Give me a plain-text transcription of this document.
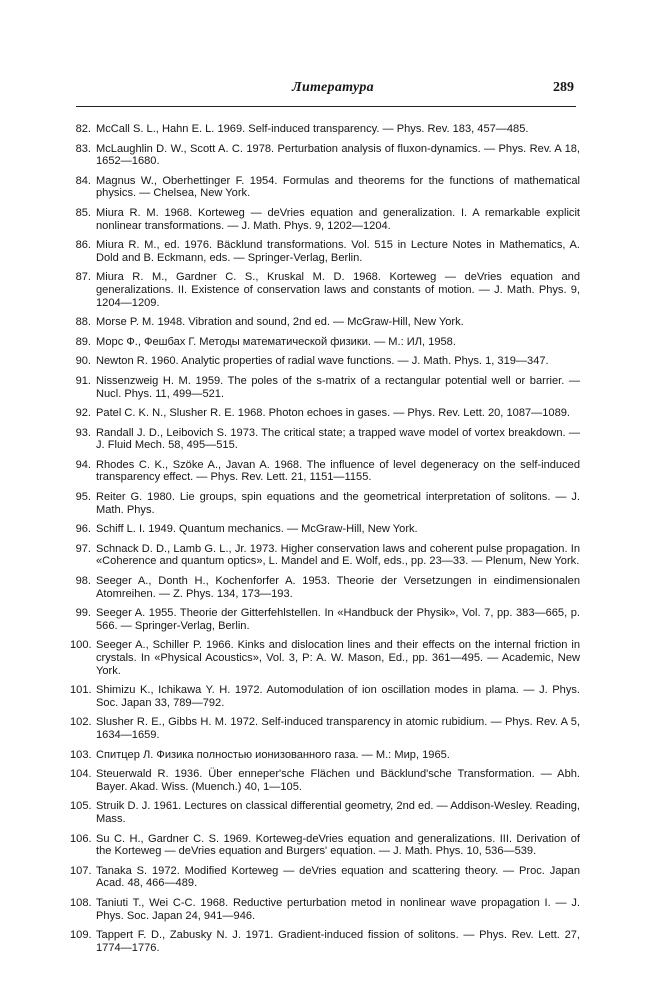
Литература	289
82. McCall S. L., Hahn E. L. 1969. Self-induced transparency. — Phys. Rev. 183, 457—485.
83. McLaughlin D. W., Scott A. C. 1978. Perturbation analysis of fluxon-dynamics. — Phys. Rev. A 18, 1652—1680.
84. Magnus W., Oberhettinger F. 1954. Formulas and theorems for the functions of mathematical physics. — Chelsea, New York.
85. Miura R. M. 1968. Korteweg — deVries equation and generalization. I. A remarkable explicit nonlinear transformations. — J. Math. Phys. 9, 1202—1204.
86. Miura R. M., ed. 1976. Bäcklund transformations. Vol. 515 in Lecture Notes in Mathematics, A. Dold and B. Eckmann, eds. — Springer-Verlag, Berlin.
87. Miura R. M., Gardner C. S., Kruskal M. D. 1968. Korteweg — deVries equation and generalizations. II. Existence of conservation laws and constants of motion. — J. Math. Phys. 9, 1204—1209.
88. Morse P. M. 1948. Vibration and sound, 2nd ed. — McGraw-Hill, New York.
89. Морс Ф., Фешбах Г. Методы математической физики. — М.: ИЛ, 1958.
90. Newton R. 1960. Analytic properties of radial wave functions. — J. Math. Phys. 1, 319—347.
91. Nissenzweig H. M. 1959. The poles of the s-matrix of a rectangular potential well or barrier. — Nucl. Phys. 11, 499—521.
92. Patel C. K. N., Slusher R. E. 1968. Photon echoes in gases. — Phys. Rev. Lett. 20, 1087—1089.
93. Randall J. D., Leibovich S. 1973. The critical state; a trapped wave model of vortex breakdown. — J. Fluid Mech. 58, 495—515.
94. Rhodes C. K., Szöke A., Javan A. 1968. The influence of level degeneracy on the self-induced transparency effect. — Phys. Rev. Lett. 21, 1151—1155.
95. Reiter G. 1980. Lie groups, spin equations and the geometrical interpretation of solitons. — J. Math. Phys.
96. Schiff L. I. 1949. Quantum mechanics. — McGraw-Hill, New York.
97. Schnack D. D., Lamb G. L., Jr. 1973. Higher conservation laws and coherent pulse propagation. In «Coherence and quantum optics», L. Mandel and E. Wolf, eds., pp. 23—33. — Plenum, New York.
98. Seeger A., Donth H., Kochenforfer A. 1953. Theorie der Versetzungen in eindimensionalen Atomreihen. — Z. Phys. 134, 173—193.
99. Seeger A. 1955. Theorie der Gitterfehlstellen. In «Handbuck der Physik», Vol. 7, pp. 383—665, p. 566. — Springer-Verlag, Berlin.
100. Seeger A., Schiller P. 1966. Kinks and dislocation lines and their effects on the internal friction in crystals. In «Physical Acoustics», Vol. 3, P: A. W. Mason, Ed., pp. 361—495. — Academic, New York.
101. Shimizu K., Ichikawa Y. H. 1972. Automodulation of ion oscillation modes in plama. — J. Phys. Soc. Japan 33, 789—792.
102. Slusher R. E., Gibbs H. M. 1972. Self-induced transparency in atomic rubidium. — Phys. Rev. A 5, 1634—1659.
103. Спитцер Л. Физика полностью ионизованного газа. — М.: Мир, 1965.
104. Steuerwald R. 1936. Über enneper'sche Flächen und Bäcklund'sche Transformation. — Abh. Bayer. Akad. Wiss. (Muench.) 40, 1—105.
105. Struik D. J. 1961. Lectures on classical differential geometry, 2nd ed. — Addison-Wesley. Reading, Mass.
106. Su C. H., Gardner C. S. 1969. Korteweg-deVries equation and generalizations. III. Derivation of the Korteweg — deVries equation and Burgers' equation. — J. Math. Phys. 10, 536—539.
107. Tanaka S. 1972. Modified Korteweg — deVries equation and scattering theory. — Proc. Japan Acad. 48, 466—489.
108. Taniuti T., Wei C-C. 1968. Reductive perturbation metod in nonlinear wave propagation I. — J. Phys. Soc. Japan 24, 941—946.
109. Tappert F. D., Zabusky N. J. 1971. Gradient-induced fission of solitons. — Phys. Rev. Lett. 27, 1774—1776.
